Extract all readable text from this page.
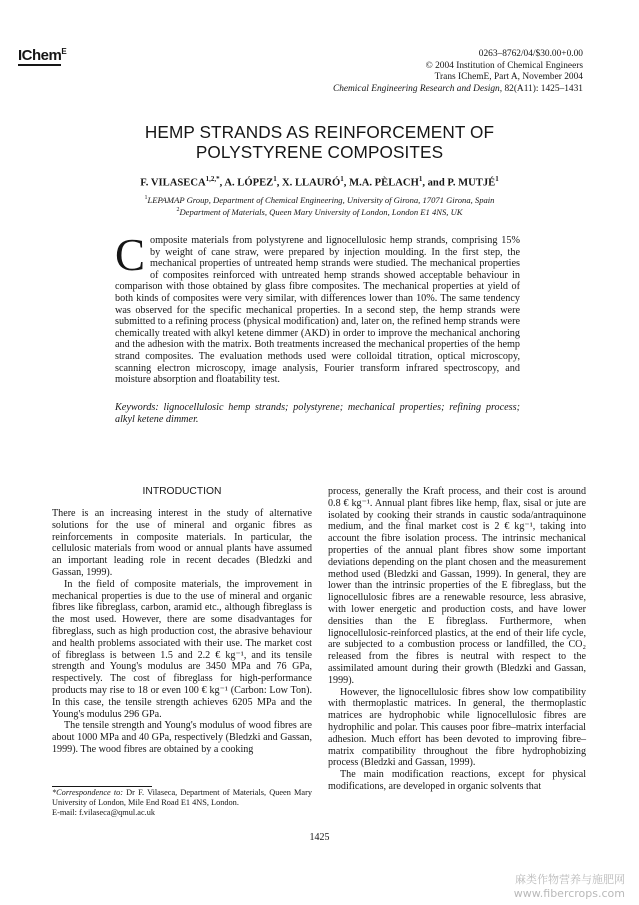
IChem$^E$	0263–8762/04/$30.00+0.00
© 2004 Institution of Chemical Engineers
Trans IChemE, Part A, November 2004
Chemical Engineering Research and Design, 82(A11): 1425–1431
HEMP STRANDS AS REINFORCEMENT OF
POLYSTYRENE COMPOSITES
F. $VILASECA^{1,2,*}$, A. LÓPEZ$^1$, X. LLAURÓ$^1$, M.A. PÈLACH$^1$, and P. MUTJÉ$^1$
$^1$LEPAMAP Group, Department of Chemical Engineering, University of Girona, 17071 Girona, Spain
$^2$Department of Materials, Queen Mary University of London, London E1 4NS, UK
Composite materials from polystyrene and lignocellulosic hemp strands, comprising 15% by weight of cane straw, were prepared by injection moulding. In the first step, the mechanical properties of untreated hemp strands were studied. The mechanical properties of composites reinforced with untreated hemp strands showed acceptable behaviour in comparison with those obtained by glass fibre composites. The mechanical properties at yield of both kinds of composites were very similar, with differences lower than 10%. The same tendency was observed for the specific mechanical properties. In a second step, the hemp strands were submitted to a refining process (physical modification) and, later on, the refined hemp strands were chemically treated with alkyl ketene dimmer (AKD) in order to improve the mechanical anchoring and the adhesion with the matrix. Both treatments increased the mechanical properties of the hemp strand composites. The evaluation methods used were colloidal titration, optical microscopy, scanning electron microscopy, image analysis, Fourier transform infrared spectroscopy, and moisture absorption and floatability test.
Keywords: lignocellulosic hemp strands; polystyrene; mechanical properties; refining process; alkyl ketene dimmer.
INTRODUCTION

There is an increasing interest in the study of alternative solutions for the use of mineral and organic fibres as reinforcements in composite materials. In particular, the cellulosic materials from wood or annual plants have assumed an important leading role in recent decades (Bledzki and Gassan, 1999).

In the field of composite materials, the improvement in mechanical properties is due to the use of mineral and organic fibres like fibreglass, carbon, aramid etc., although fibreglass is the most used. However, there are some disadvantages for fibreglass, such as high production cost, the abrasive behaviour and health problems associated with their use. The market cost of fibreglass is between 1.5 and 2.2 € kg⁻¹, and its tensile strength and Young's modulus are 3450 MPa and 76 GPa, respectively. The cost of fibreglass for high-performance products may rise to 18 or even 100 € kg⁻¹ (Carbon: Low Ton). In this case, the tensile strength achieves 6205 MPa and the Young's modulus 296 GPa.

The tensile strength and Young's modulus of wood fibres are about 1000 MPa and 40 GPa, respectively (Bledzki and Gassan, 1999). The wood fibres are obtained by a cooking

process, generally the Kraft process, and their cost is around 0.8 € kg⁻¹. Annual plant fibres like hemp, flax, sisal or jute are isolated by cooking their strands in caustic soda/antraquinone medium, and the final market cost is 2 € kg⁻¹, taking into account the fibre isolation process. The intrinsic mechanical properties of the annual plant fibres show some important deviations depending on the plant chosen and the measurement method used (Bledzki and Gassan, 1999). In general, they are lower than the intrinsic properties of the E fibreglass, but the lignocellulosic fibres are a renewable resource, less abrasive, with lower energetic and production costs, and have lower densities than the E fibreglass. Furthermore, when lignocellulosic-reinforced plastics, at the end of their life cycle, are subjected to a combustion process or landfilled, the CO₂ released from the fibres is neutral with respect to the assimilated amount during their growth (Bledzki and Gassan, 1999).

However, the lignocellulosic fibres show low compatibility with thermoplastic matrices. In general, the thermoplastic matrices are hydrophobic while lignocellulosic fibres are hydrophilic and polar. This causes poor fibre–matrix interfacial adhesion. Much effort has been devoted to improving fibre–matrix compatibility throughout the fibre hydrophobizing process (Bledzki and Gassan, 1999).

The main modification reactions, except for physical modifications, are developed in organic solvents that

*Correspondence to: Dr F. Vilaseca, Department of Materials, Queen Mary University of London, Mile End Road E1 4NS, London.
E-mail: f.vilaseca@qmul.ac.uk
1425
麻类作物营养与施肥网
www.fibercrops.com
